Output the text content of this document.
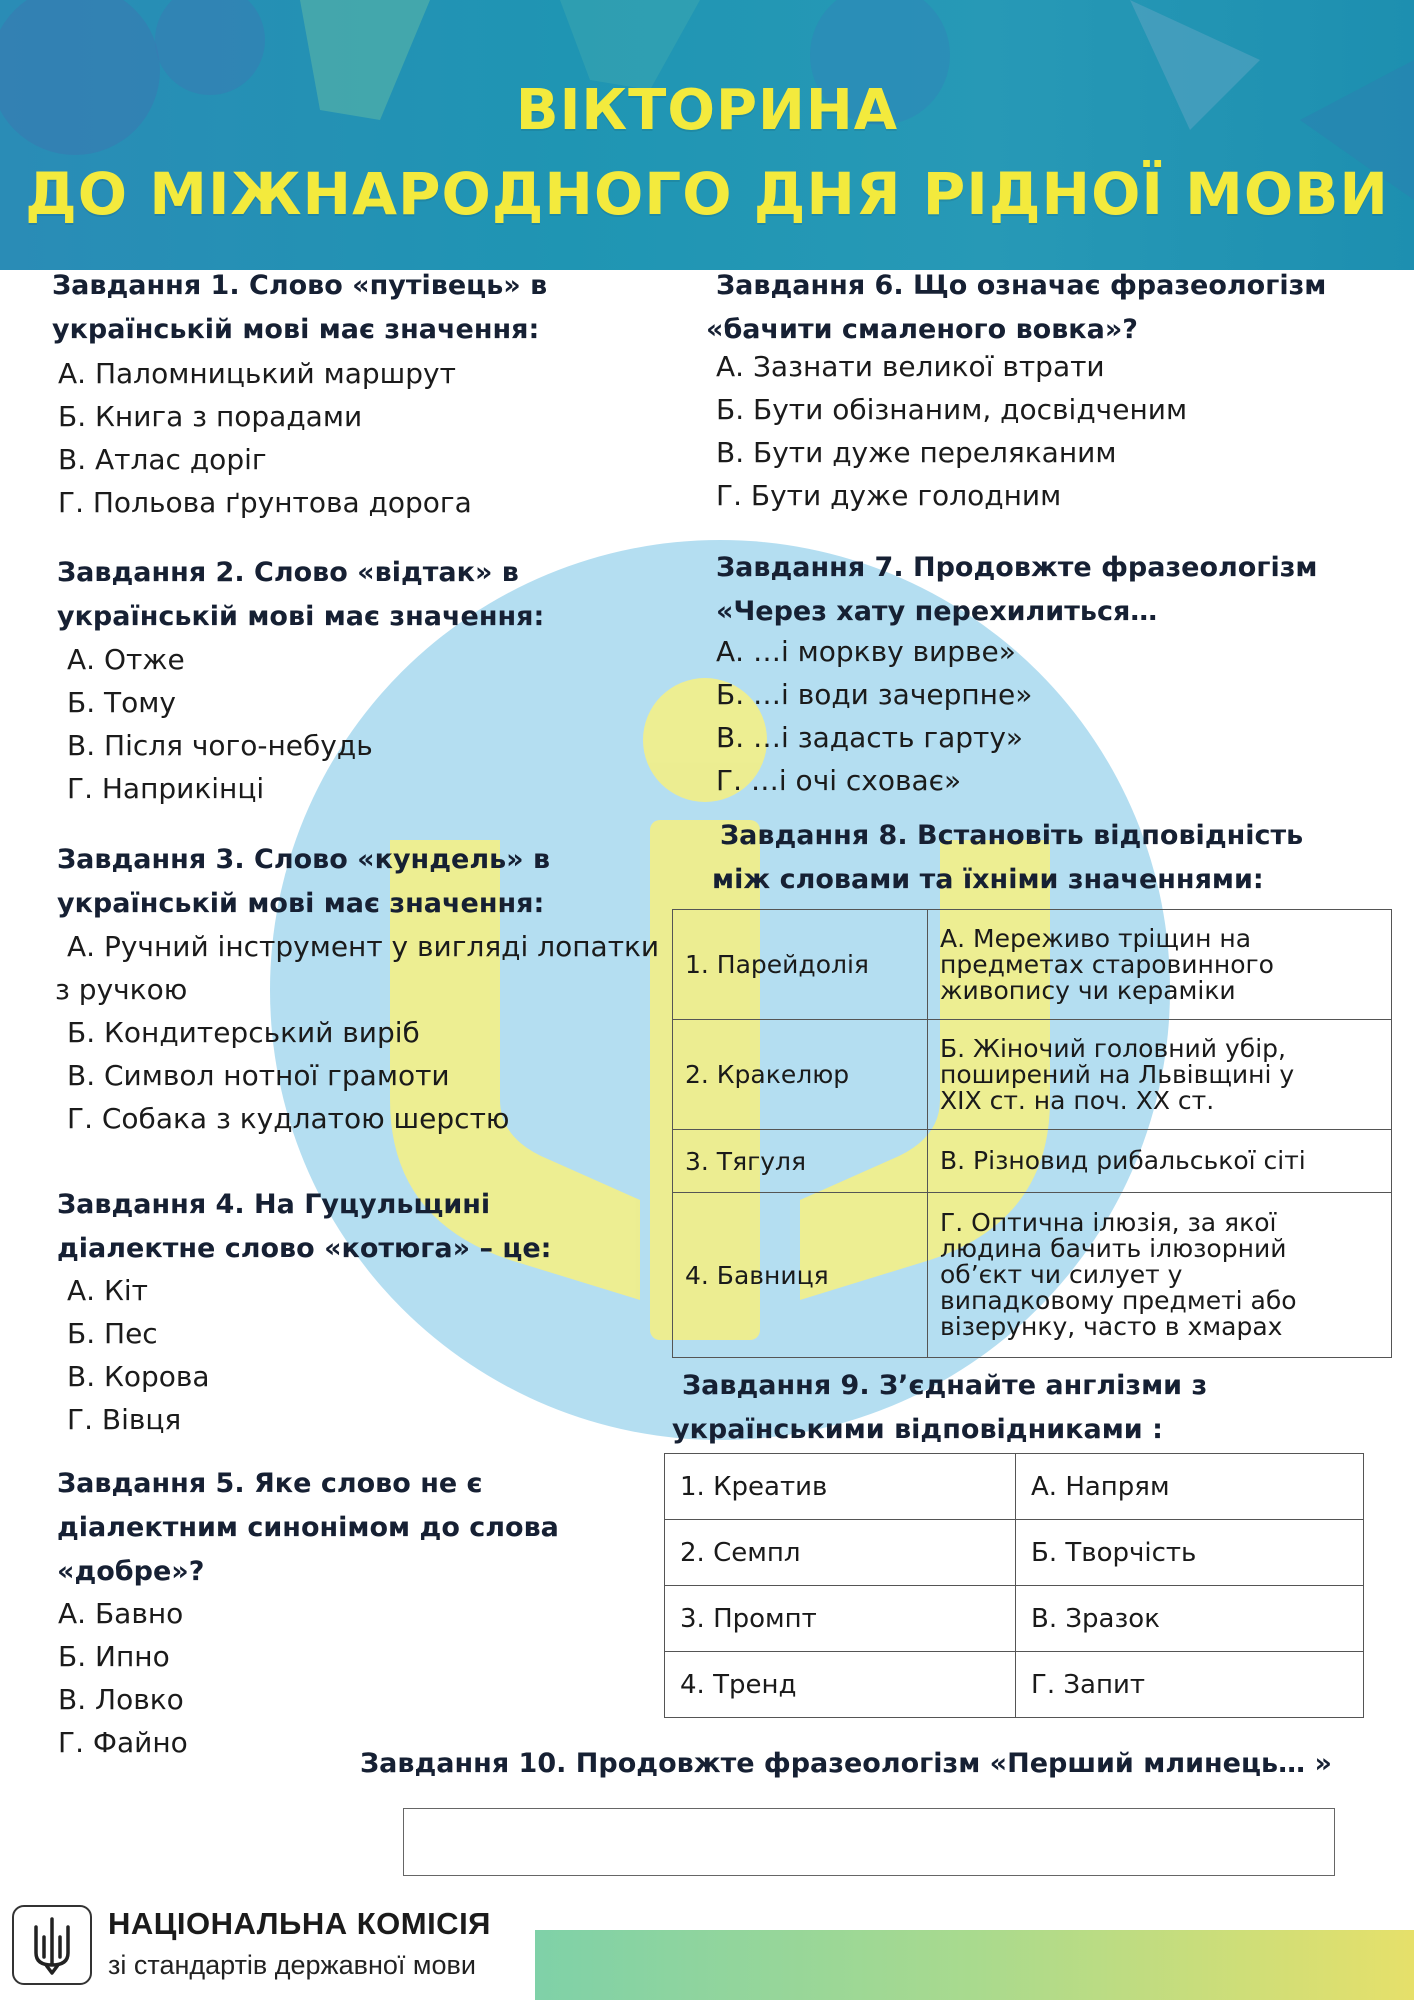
ВІКТОРИНА
ДО МІЖНАРОДНОГО ДНЯ РІДНОЇ МОВИ
Завдання 1. Слово «путівець» в
українській мові має значення:
А. Паломницький маршрут
Б. Книга з порадами
В. Атлас доріг
Г. Польова ґрунтова дорога
Завдання 2. Слово «відтак» в
українській мові має значення:
А. Отже
Б. Тому
В. Після чого-небудь
Г. Наприкінці
Завдання 3. Слово «кундель» в
українській мові має значення:
А. Ручний інструмент у вигляді лопатки
з ручкою
Б. Кондитерський виріб
В. Символ нотної грамоти
Г. Собака з кудлатою шерстю
Завдання 4. На Гуцульщині
діалектне слово «котюга» – це:
А. Кіт
Б. Пес
В. Корова
Г. Вівця
Завдання 5. Яке слово не є
діалектним синонімом до слова
«добре»?
А. Бавно
Б. Ипно
В. Ловко
Г. Файно
Завдання 6. Що означає фразеологізм
«бачити смаленого вовка»?
А. Зазнати великої втрати
Б. Бути обізнаним, досвідченим
В. Бути дуже переляканим
Г. Бути дуже голодним
Завдання 7. Продовжте фразеологізм
«Через хату перехилиться…
А. …і моркву вирве»
Б. …і води зачерпне»
В. …і задасть гарту»
Г. …і очі сховає»
Завдання 8. Встановіть відповідність
між словами та їхніми значеннями:
1. Парейдолія	А. Мереживо тріщин на
предметах старовинного
живопису чи кераміки

2. Кракелюр	Б. Жіночий головний убір,
поширений на Львівщині у
XIX ст. на поч. XX ст.

3. Тягуля	В. Різновид рибальської сіті

4. Бавниця	Г. Оптична ілюзія, за якої
людина бачить ілюзорний
об’єкт чи силует у
випадковому предметі або
візерунку, часто в хмарах
Завдання 9. З’єднайте англізми з
українськими відповідниками :
1. Креатив	А. Напрям
2. Семпл	Б. Творчість
3. Промпт	В. Зразок
4. Тренд	Г. Запит
Завдання 10. Продовжте фразеологізм «Перший млинець… »
НАЦІОНАЛЬНА КОМІСІЯ
зі стандартів державної мови
